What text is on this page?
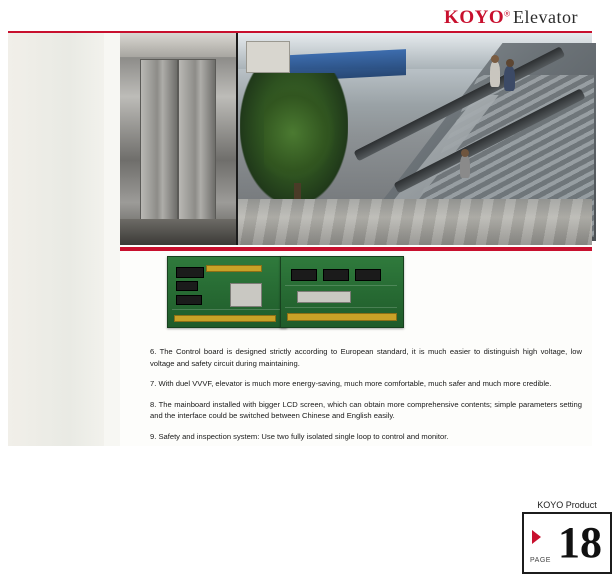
KOYO® Elevator
KOYO Product
PAGE 18

6. The Control board is designed strictly according to European standard, it is much easier to distinguish high voltage, low voltage and safety circuit during maintaining.

7. With duel VVVF, elevator is much more energy-saving, much more comfortable, much safer and much more credible.

8. The mainboard installed with bigger LCD screen, which can obtain more comprehensive contents; simple parameters setting and the interface could be switched between Chinese and English easily.

9. Safety and inspection system: Use two fully isolated single loop to control and monitor.
